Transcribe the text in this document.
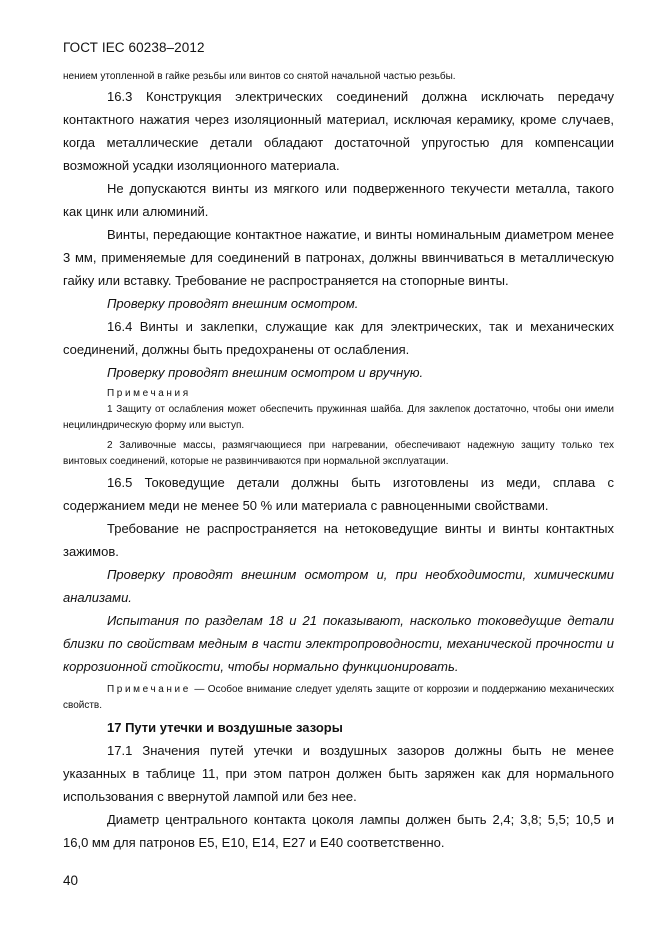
ГОСТ IEC 60238–2012

нением утопленной в гайке резьбы или винтов со снятой начальной частью резьбы.

16.3 Конструкция электрических соединений должна исключать передачу контактного нажатия через изоляционный материал, исключая керамику, кроме случаев, когда металлические детали обладают достаточной упругостью для компенсации возможной усадки изоляционного материала.

Не допускаются винты из мягкого или подверженного текучести металла, такого как цинк или алюминий.

Винты, передающие контактное нажатие, и винты номинальным диаметром менее 3 мм, применяемые для соединений в патронах, должны ввинчиваться в металлическую гайку или вставку. Требование не распространяется на стопорные винты.

Проверку проводят внешним осмотром.

16.4 Винты и заклепки, служащие как для электрических, так и механических соединений, должны быть предохранены от ослабления.

Проверку проводят внешним осмотром и вручную.

Примечания

1 Защиту от ослабления может обеспечить пружинная шайба. Для заклепок достаточно, чтобы они имели нецилиндрическую форму или выступ.

2 Заливочные массы, размягчающиеся при нагревании, обеспечивают надежную защиту только тех винтовых соединений, которые не развинчиваются при нормальной эксплуатации.

16.5 Токоведущие детали должны быть изготовлены из меди, сплава с содержанием меди не менее 50 % или материала с равноценными свойствами.

Требование не распространяется на нетоковедущие винты и винты контактных зажимов.

Проверку проводят внешним осмотром и, при необходимости, химическими анализами.

Испытания по разделам 18 и 21 показывают, насколько токоведущие детали близки по свойствам медным в части электропроводности, механической прочности и коррозионной стойкости, чтобы нормально функционировать.

Примечание — Особое внимание следует уделять защите от коррозии и поддержанию механических свойств.

17 Пути утечки и воздушные зазоры

17.1 Значения путей утечки и воздушных зазоров должны быть не менее указанных в таблице 11, при этом патрон должен быть заряжен как для нормального использования с ввернутой лампой или без нее.

Диаметр центрального контакта цоколя лампы должен быть 2,4; 3,8; 5,5; 10,5 и 16,0 мм для патронов E5, E10, E14, E27 и E40 соответственно.

40
